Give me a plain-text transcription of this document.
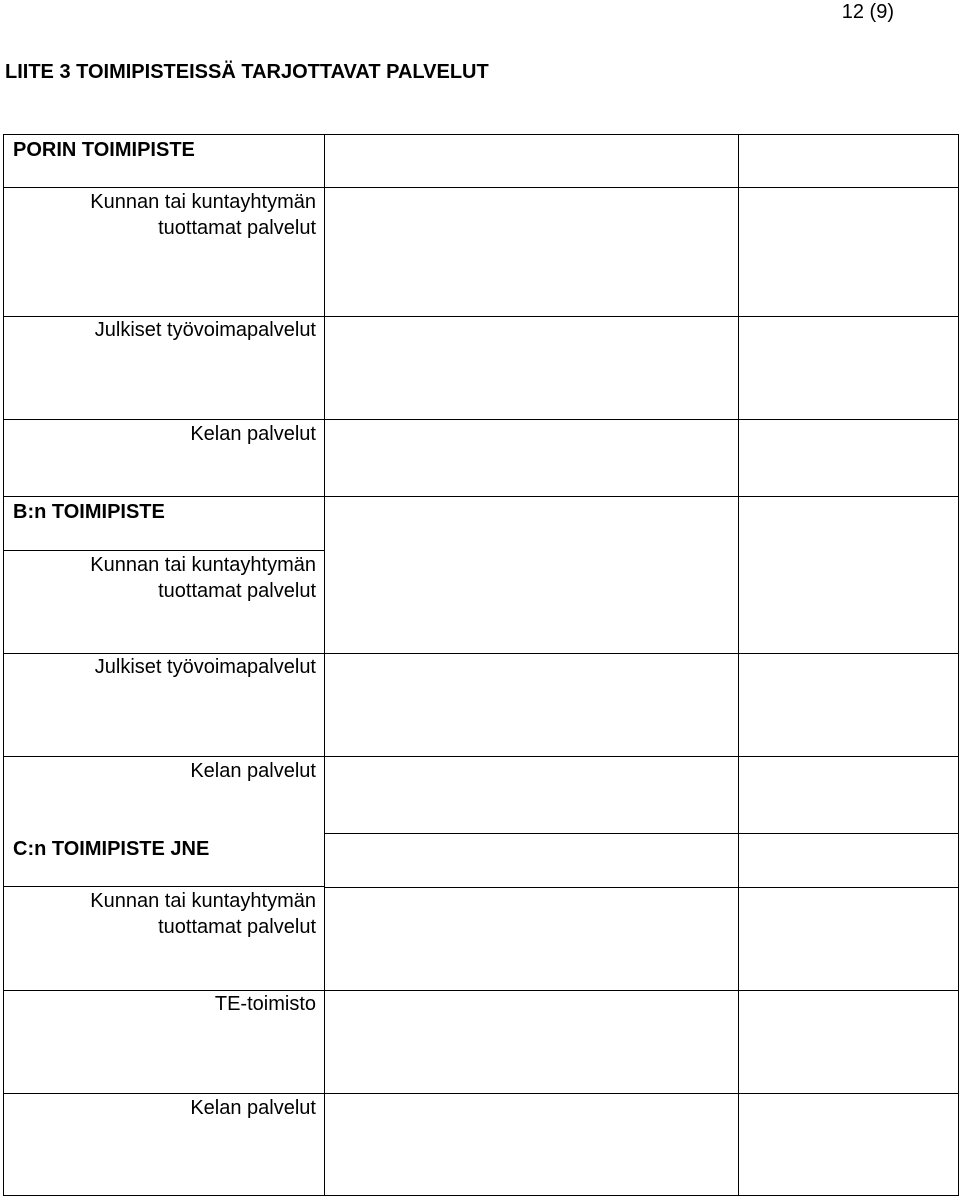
12 (9)
LIITE 3 TOIMIPISTEISSÄ TARJOTTAVAT PALVELUT
PORIN TOIMIPISTE
Kunnan tai kuntayhtymän
tuottamat palvelut
Julkiset työvoimapalvelut
Kelan palvelut
B:n TOIMIPISTE
Kunnan tai kuntayhtymän
tuottamat palvelut
Julkiset työvoimapalvelut
Kelan palvelut
C:n TOIMIPISTE JNE
Kunnan tai kuntayhtymän
tuottamat palvelut
TE-toimisto
Kelan palvelut
